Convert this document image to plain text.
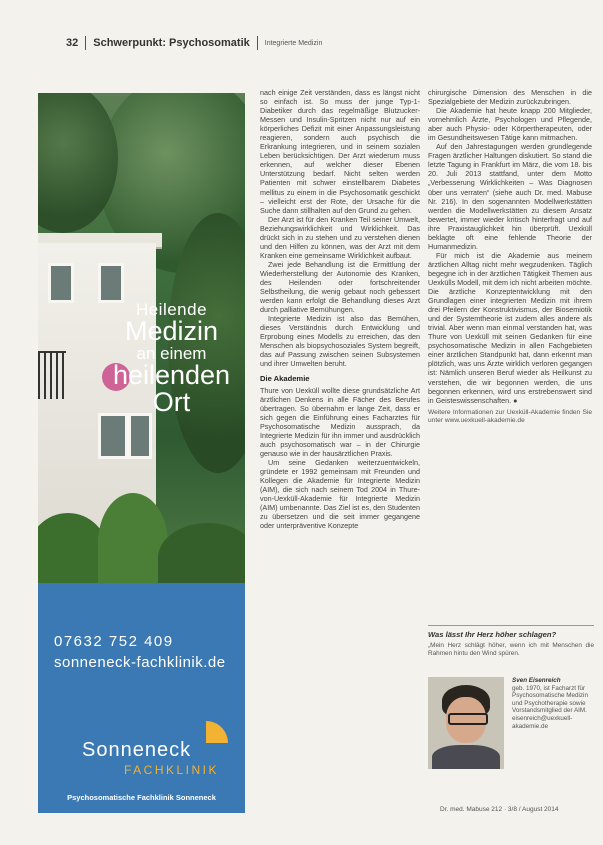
32 Schwerpunkt: Psychosomatik Integrierte Medizin
Heilende
Medizin
an einem
heilenden
Ort
07632 752 409
sonneneck-fachklinik.de
Sonneneck
FACHKLINIK
Psychosomatische Fachklinik Sonneneck

nach einige Zeit verständen, dass es längst nicht so einfach ist. So muss der junge Typ-1-Diabetiker durch das regelmäßige Blutzucker-Messen und Insulin-Spritzen nicht nur auf ein körperliches Defizit mit einer Anpassungsleistung reagieren, sondern auch psychisch die Erkrankung integrieren, und in seinem sozialen Leben berücksichtigen. Der Arzt wiederum muss erkennen, auf welcher dieser Ebenen Unterstützung bedarf. Nicht selten werden Patienten mit schwer einstellbarem Diabetes mellitus zu einem in die Psychosomatik geschickt – vielleicht erst der Rote, der Ursache für die Suche dann stillhalten auf den Grund zu gehen.

Der Arzt ist für den Kranken Teil seiner Umwelt, Beziehungswirklichkeit und Wirklichkeit. Das drückt sich in zu stehen und zu verstehen dienen und den Hilfen zu können, was der Arzt mit dem Kranken eine gemeinsame Wirklichkeit aufbaut.

Zwei jede Behandlung ist die Ermittlung der Wiederherstellung der Autonomie des Kranken, des Heilenden oder fortschreitender Selbstheilung, die wenig gebaut noch gebessert werden kann erfolgt die Behandlung dieses Arzt durch palliative Bemühungen.

Integrierte Medizin ist also das Bemühen, dieses Verständnis durch Entwicklung und Erprobung eines Modells zu erreichen, das den Menschen als biopsychosoziales System begreift, das auf Passung zwischen seinen Subsystemen und ihrer Umwelten beruht.

Die Akademie

Thure von Uexküll wollte diese grundsätzliche Art ärztlichen Denkens in alle Fächer des Berufes übertragen. So übernahm er lange Zeit, dass er sich gegen die Einführung eines Facharztes für Psychosomatische Medizin aussprach, da Integrierte Medizin für ihn immer und ausdrücklich auch psychosomatisch war – in der Chirurgie genauso wie in der hausärztlichen Praxis.

Um seine Gedanken weiterzuentwickeln, gründete er 1992 gemeinsam mit Freunden und Kollegen die Akademie für Integrierte Medizin (AIM), die sich nach seinem Tod 2004 in Thure-von-Uexküll-Akademie für Integrierte Medizin (AIM) umbenannte. Das Ziel ist es, den Studenten zu übersetzen und die seit immer gegangene oder unterpräventive Konzepte

chirurgische Dimension des Menschen in die Spezialgebiete der Medizin zurückzubringen.

Die Akademie hat heute knapp 200 Mitglieder, vornehmlich Ärzte, Psychologen und Pflegende, aber auch Physio- oder Körpertherapeuten, oder im Gesundheitswesen Tätige kann mitmachen.

Auf den Jahrestagungen werden grundlegende Fragen ärztlicher Haltungen diskutiert. So stand die letzte Tagung in Frankfurt im März, die vom 18. bis 20. Juli 2013 stattfand, unter dem Motto „Verbesserung Wirklichkeiten – Was Diagnosen über uns verraten“ (siehe auch Dr. med. Mabuse Nr. 216). In den sogenannten Modellwerkstätten werden die Modellwerkstätten zu diesem Ansatz bewertet, immer wieder kritisch hinterfragt und auf ihre Praxistauglichkeit hin überprüft. Uexküll beklagte oft eine fehlende Theorie der Humanmedizin.

Für mich ist die Akademie aus meinem ärztlichen Alltag nicht mehr wegzudenken. Täglich begegne ich in der ärztlichen Tätigkeit Themen aus Uexkülls Modell, mit dem ich nicht arbeiten möchte. Die ärztliche Konzeptentwicklung mit den Grundlagen einer integrierten Medizin mit ihrem drei Pfeilern der Konstruktivismus, der Biosemiotik und der Systemtheorie ist zudem alles andere als trivial. Aber wenn man einmal verstanden hat, was Thure von Uexküll mit seinen Gedanken für eine psychosomatische Medizin in allen Fachgebieten einer ärztlichen Standpunkt hat, dann erkennt man plötzlich, was uns Ärzte wirklich verloren gegangen ist: Nämlich unseren Beruf wieder als Heilkunst zu verstehen, die wir begonnen werden, die uns begonnen erkennen, wird uns erstrebenswert sind in Geisteswissenschaften. ●

Weitere Informationen zur Uexküll-Akademie finden Sie unter www.uexkuell-akademie.de

Was lässt Ihr Herz höher schlagen?
„Mein Herz schlägt höher, wenn ich mit Menschen die Rahmen hintu den Wind spüren.
Sven Eisenreich
geb. 1970, ist Facharzt für Psychosomatische Medizin und Psychotherapie sowie Vorstandsmitglied der AIM. eisenreich@uexkuell-akademie.de
Dr. med. Mabuse 212 · 3/8 / August 2014
